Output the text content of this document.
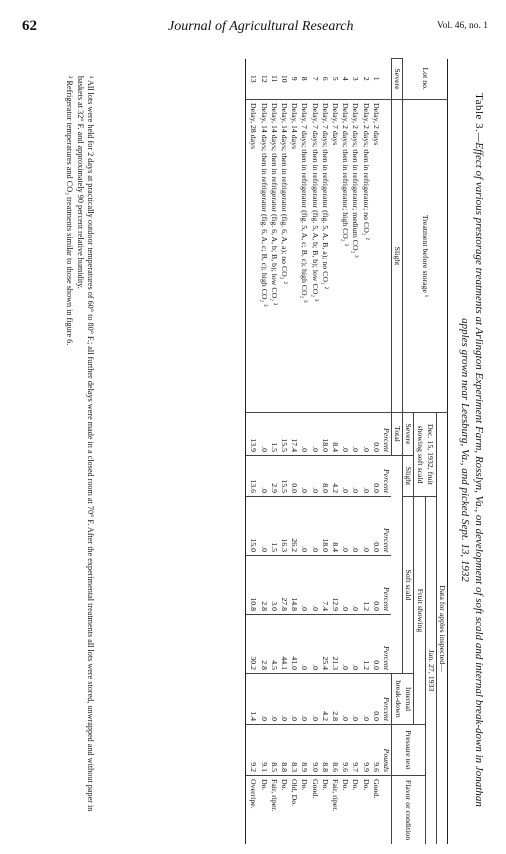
62	Journal of Agricultural Research	Vol. 46, no. 1
Table 3.—Effect of various prestorage treatments at Arlington Experiment Farm, Rosslyn, Va., on development of soft scald and internal break-down in Jonathan apples grown near Leesburg, Va., and picked Sept. 13, 1932
Lot no.	Treatment before storage ¹	Data for apples inspected—							
		Dec. 15, 1932, fruit showing soft scald		Jan. 27, 1933					
				Fruit showing				Pressure test	Flavor or condition
		Severe	Slight	Soft scald			Internal break-down		
Severe	Slight	Total							
		Percent	Percent	Percent	Percent	Percent	Percent	Pounds	
1	Delay, 2 days	0.0	0.0	0.0	0.0	0.0	0.0	9.6	Good.
2	Delay, 2 days; then in refrigerator; no CO₂ ²	.0	.0	.0	1.2	1.2	.0	9.9	Do.
3	Delay, 2 days; then in refrigerator; medium CO₂ ³	.0	.0	.0	.0	.0	.0	9.7	Do.
4	Delay, 2 days; then in refrigerator; high CO₂ ³	.0	.0	.0	.0	.0	.0	9.6	Do.
5	Delay, 7 days	8.4	4.2	8.4	12.9	21.3	2.8	8.6	Fair, riper.
6	Delay, 7 days; then in refrigerator (fig. 5, A, B, a); no CO₂ ²	18.0	8.0	18.0	7.4	25.4	4.2	8.8	Do.
7	Delay, 7 days; then in refrigerator (fig. 5, A, b; B, b); low CO₂ ³	.0	.0	.0	.0	.0	.0	9.0	Good.
8	Delay, 7 days; then in refrigerator (fig. 5, A, c; B, c); high CO₂ ³	.0	.0	.0	.0	.0	.0	8.9	Do.
9	Delay, 14 days	17.4	0.0	26.2	14.8	41.0	.0	8.3	Old, Do.
10	Delay, 14 days; then in refrigerator (fig. 6, A, a); no CO₂ ²	15.5	15.5	16.3	27.8	44.1	.0	8.8	Do.
11	Delay, 14 days; then in refrigerator (fig. 6, A, b; B, b); low CO₂ ³	1.5	2.9	1.5	3.0	4.5	.0	8.5	Fair, riper.
12	Delay, 14 days; then in refrigerator (fig. 6, A, c; B, c); high CO₂ ³	.0	.0	.0	2.8	2.8	.0	9.1	Do.
13	Delay, 28 days	13.9	13.6	15.0	10.8	30.2	1.4	9.2	Overripe.
¹ All lots were held for 2 days at practically outdoor temperatures of 60° to 80° F.; all further delays were made in a closed room at 70° F. After the experimental treatments all lots were stored, unwrapped and without paper in baskets at 32° F. and approximately 90 percent relative humidity.
² Refrigerator temperatures and CO₂ treatments similar to those shown in figure 6.
